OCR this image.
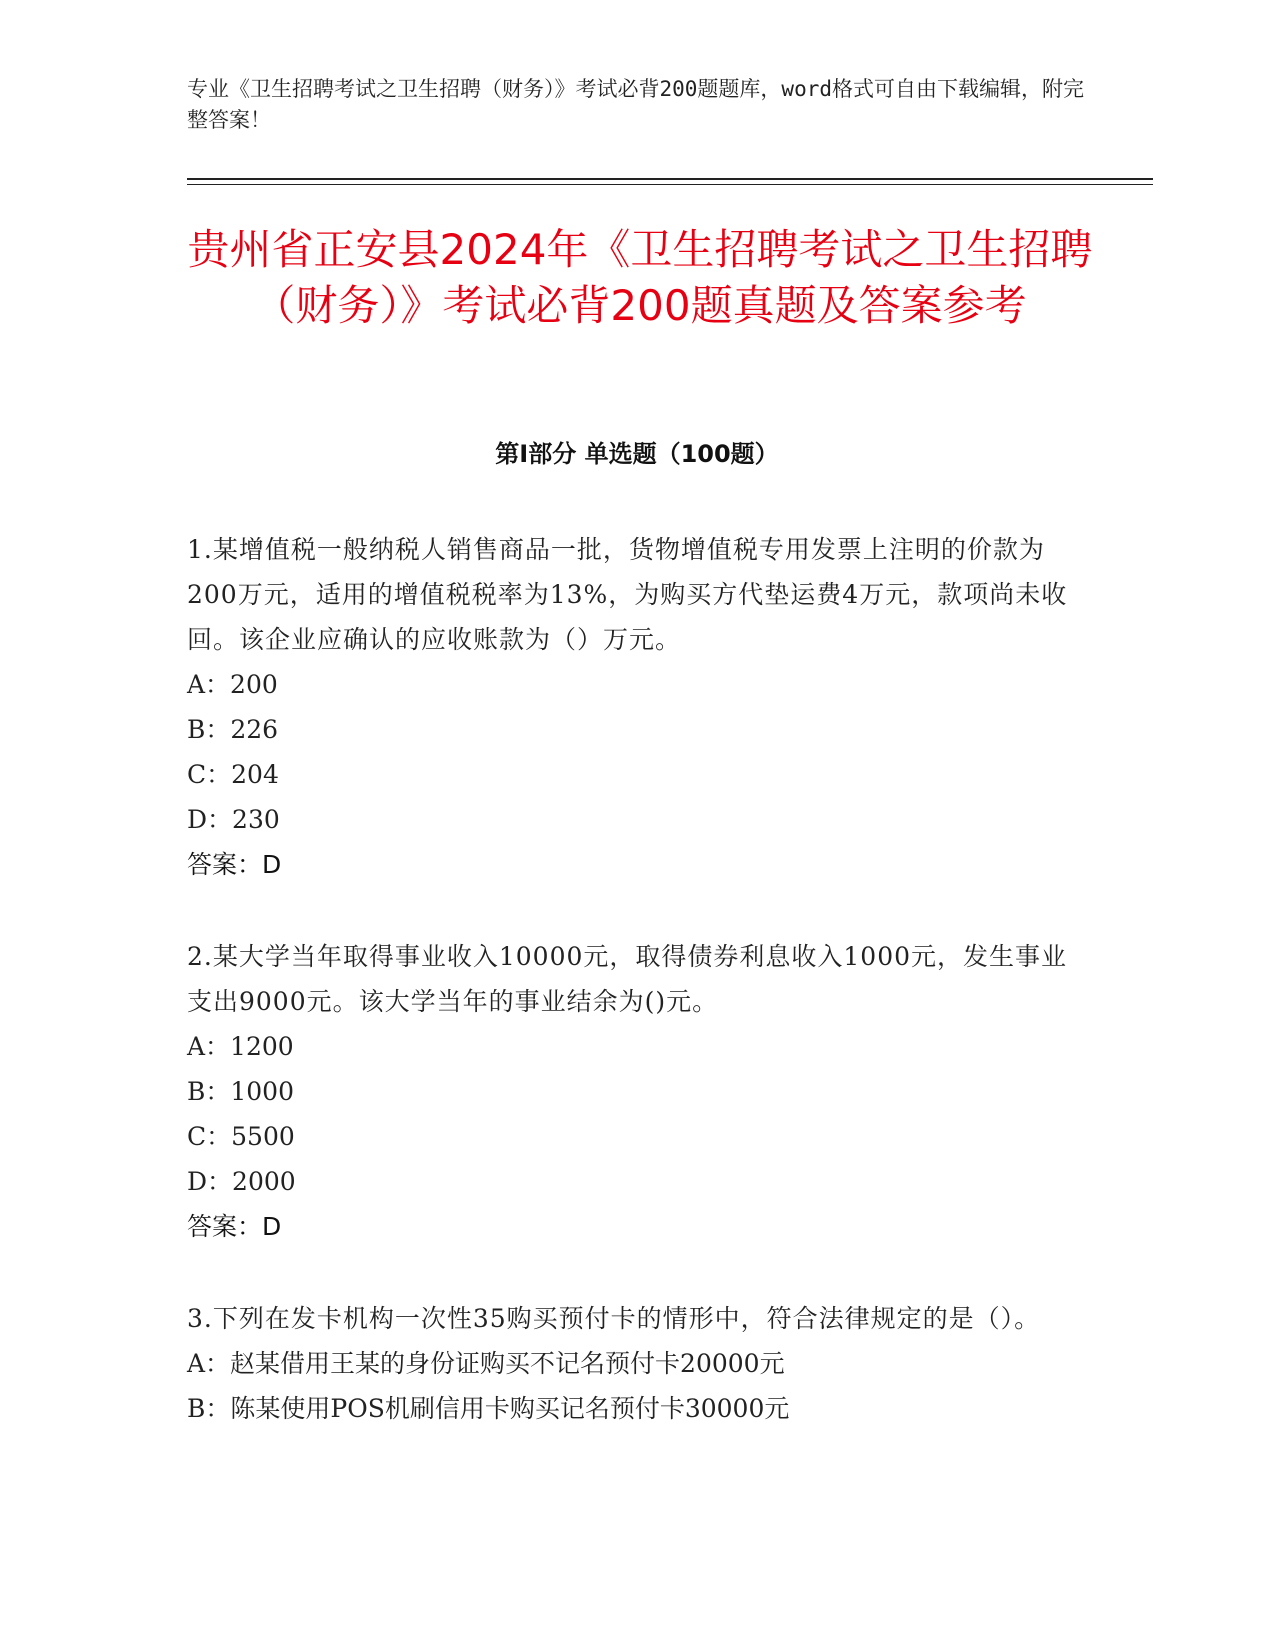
专业《卫生招聘考试之卫生招聘（财务）》考试必背200题题库，word格式可自由下载编辑，附完整答案！

贵州省正安县2024年《卫生招聘考试之卫生招聘（财务）》考试必背200题真题及答案参考
第Ⅰ部分 单选题（100题）

1.某增值税一般纳税人销售商品一批，货物增值税专用发票上注明的价款为200万元，适用的增值税税率为13%，为购买方代垫运费4万元，款项尚未收回。该企业应确认的应收账款为（）万元。

A：200

B：226

C：204

D：230

答案：D

2.某大学当年取得事业收入10000元，取得债券利息收入1000元，发生事业支出9000元。该大学当年的事业结余为()元。

A：1200

B：1000

C：5500

D：2000

答案：D

3.下列在发卡机构一次性35购买预付卡的情形中，符合法律规定的是（）。

A：赵某借用王某的身份证购买不记名预付卡20000元

B：陈某使用POS机刷信用卡购买记名预付卡30000元
